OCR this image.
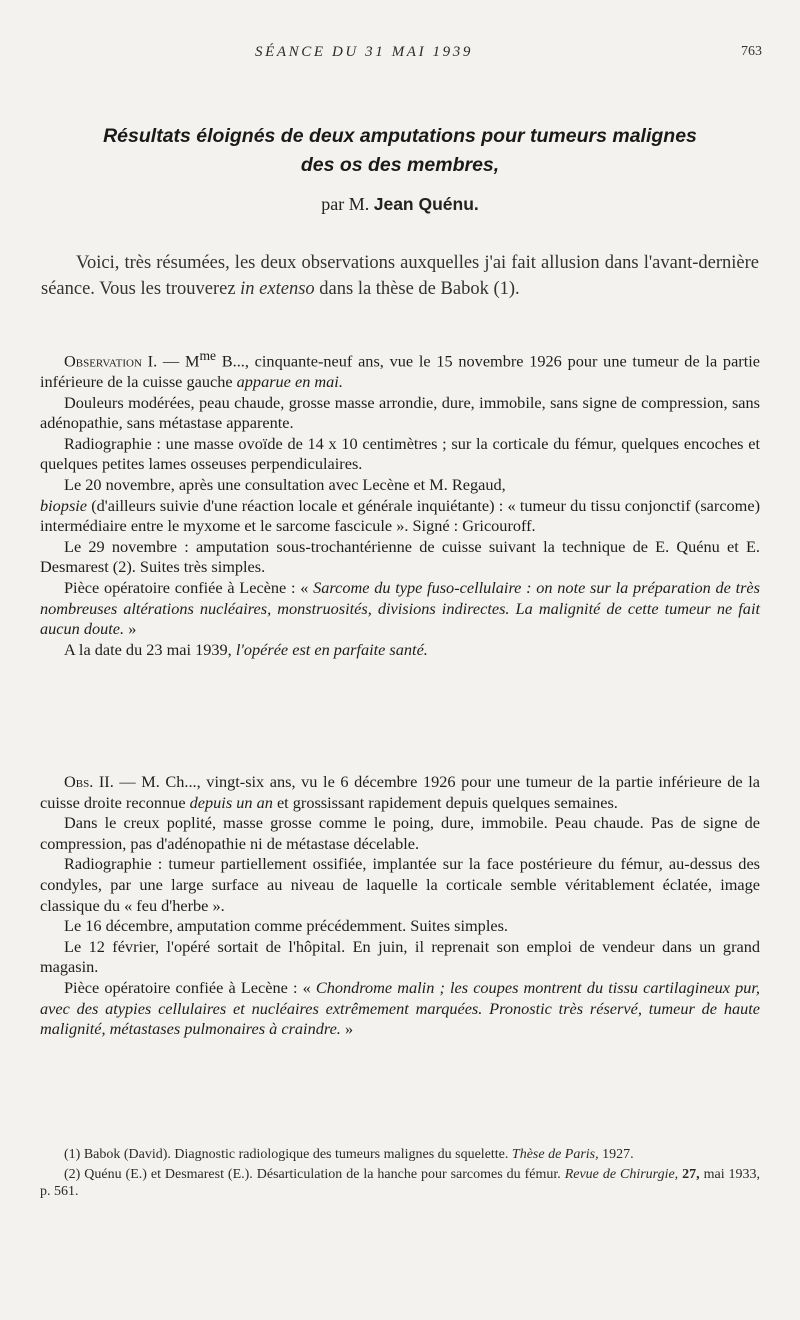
SÉANCE DU 31 MAI 1939	763
Résultats éloignés de deux amputations pour tumeurs malignes
des os des membres,
par M. Jean Quénu.

Voici, très résumées, les deux observations auxquelles j'ai fait allusion dans l'avant-dernière séance. Vous les trouverez in extenso dans la thèse de Babok (1).

Observation I. — $M^{me}$ B..., cinquante-neuf ans, vue le 15 novembre 1926 pour une tumeur de la partie inférieure de la cuisse gauche apparue en mai.

Douleurs modérées, peau chaude, grosse masse arrondie, dure, immobile, sans signe de compression, sans adénopathie, sans métastase apparente.

Radiographie : une masse ovoïde de 14 x 10 centimètres ; sur la corticale du fémur, quelques encoches et quelques petites lames osseuses perpendiculaires.

Le 20 novembre, après une consultation avec Lecène et M. Regaud,
biopsie (d'ailleurs suivie d'une réaction locale et générale inquiétante) : « tumeur du tissu conjonctif (sarcome) intermédiaire entre le myxome et le sarcome fascicule ». Signé : Gricouroff.

Le 29 novembre : amputation sous-trochantérienne de cuisse suivant la technique de E. Quénu et E. Desmarest (2). Suites très simples.

Pièce opératoire confiée à Lecène : « Sarcome du type fuso-cellulaire : on note sur la préparation de très nombreuses altérations nucléaires, monstruosités, divisions indirectes. La malignité de cette tumeur ne fait aucun doute. »

A la date du 23 mai 1939, l'opérée est en parfaite santé.

Obs. II. — M. Ch..., vingt-six ans, vu le 6 décembre 1926 pour une tumeur de la partie inférieure de la cuisse droite reconnue depuis un an et grossissant rapidement depuis quelques semaines.

Dans le creux poplité, masse grosse comme le poing, dure, immobile. Peau chaude. Pas de signe de compression, pas d'adénopathie ni de métastase décelable.

Radiographie : tumeur partiellement ossifiée, implantée sur la face postérieure du fémur, au-dessus des condyles, par une large surface au niveau de laquelle la corticale semble véritablement éclatée, image classique du « feu d'herbe ».

Le 16 décembre, amputation comme précédemment. Suites simples.

Le 12 février, l'opéré sortait de l'hôpital. En juin, il reprenait son emploi de vendeur dans un grand magasin.

Pièce opératoire confiée à Lecène : « Chondrome malin ; les coupes montrent du tissu cartilagineux pur, avec des atypies cellulaires et nucléaires extrêmement marquées. Pronostic très réservé, tumeur de haute malignité, métastases pulmonaires à craindre. »

(1) Babok (David). Diagnostic radiologique des tumeurs malignes du squelette. Thèse de Paris, 1927.

(2) Quénu (E.) et Desmarest (E.). Désarticulation de la hanche pour sarcomes du fémur. Revue de Chirurgie, 27, mai 1933, p. 561.
